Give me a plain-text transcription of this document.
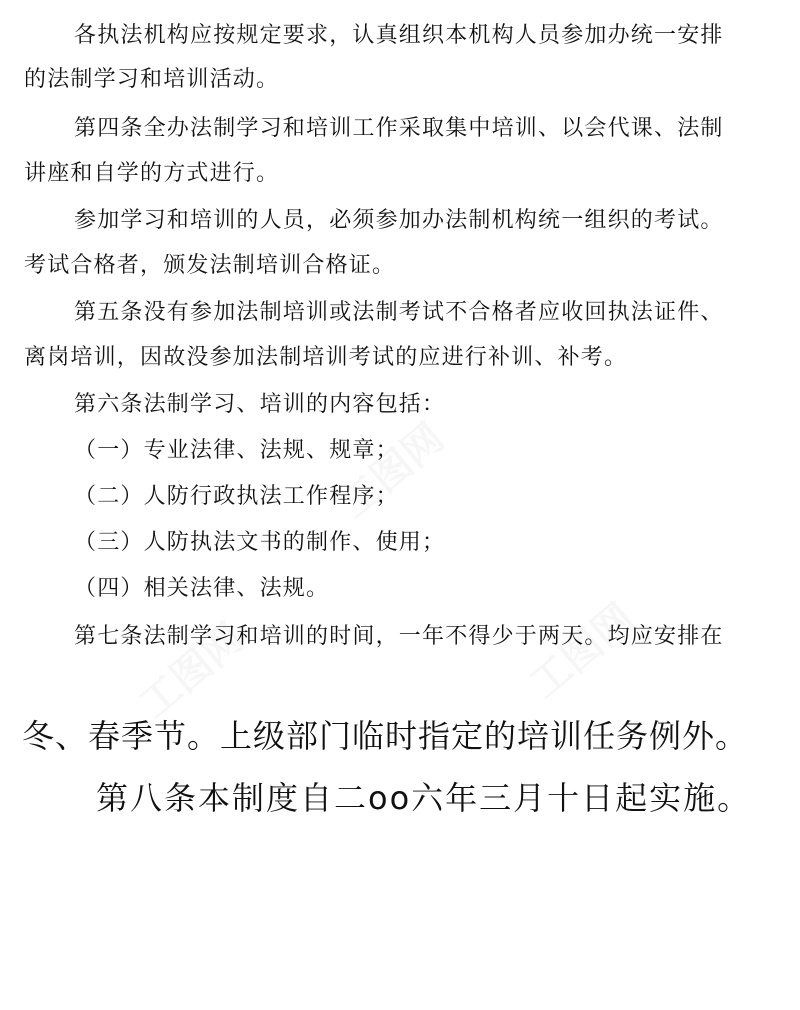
工图网
工图网	工图网
各执法机构应按规定要求，认真组织本机构人员参加办统一安排
的法制学习和培训活动。
第四条全办法制学习和培训工作采取集中培训、以会代课、法制
讲座和自学的方式进行。
参加学习和培训的人员，必须参加办法制机构统一组织的考试。
考试合格者，颁发法制培训合格证。
第五条没有参加法制培训或法制考试不合格者应收回执法证件、
离岗培训，因故没参加法制培训考试的应进行补训、补考。
第六条法制学习、培训的内容包括：
（一）专业法律、法规、规章；
（二）人防行政执法工作程序；
（三）人防执法文书的制作、使用；
（四）相关法律、法规。
第七条法制学习和培训的时间，一年不得少于两天。均应安排在
冬、春季节。上级部门临时指定的培训任务例外。
第八条本制度自二oo六年三月十日起实施。
